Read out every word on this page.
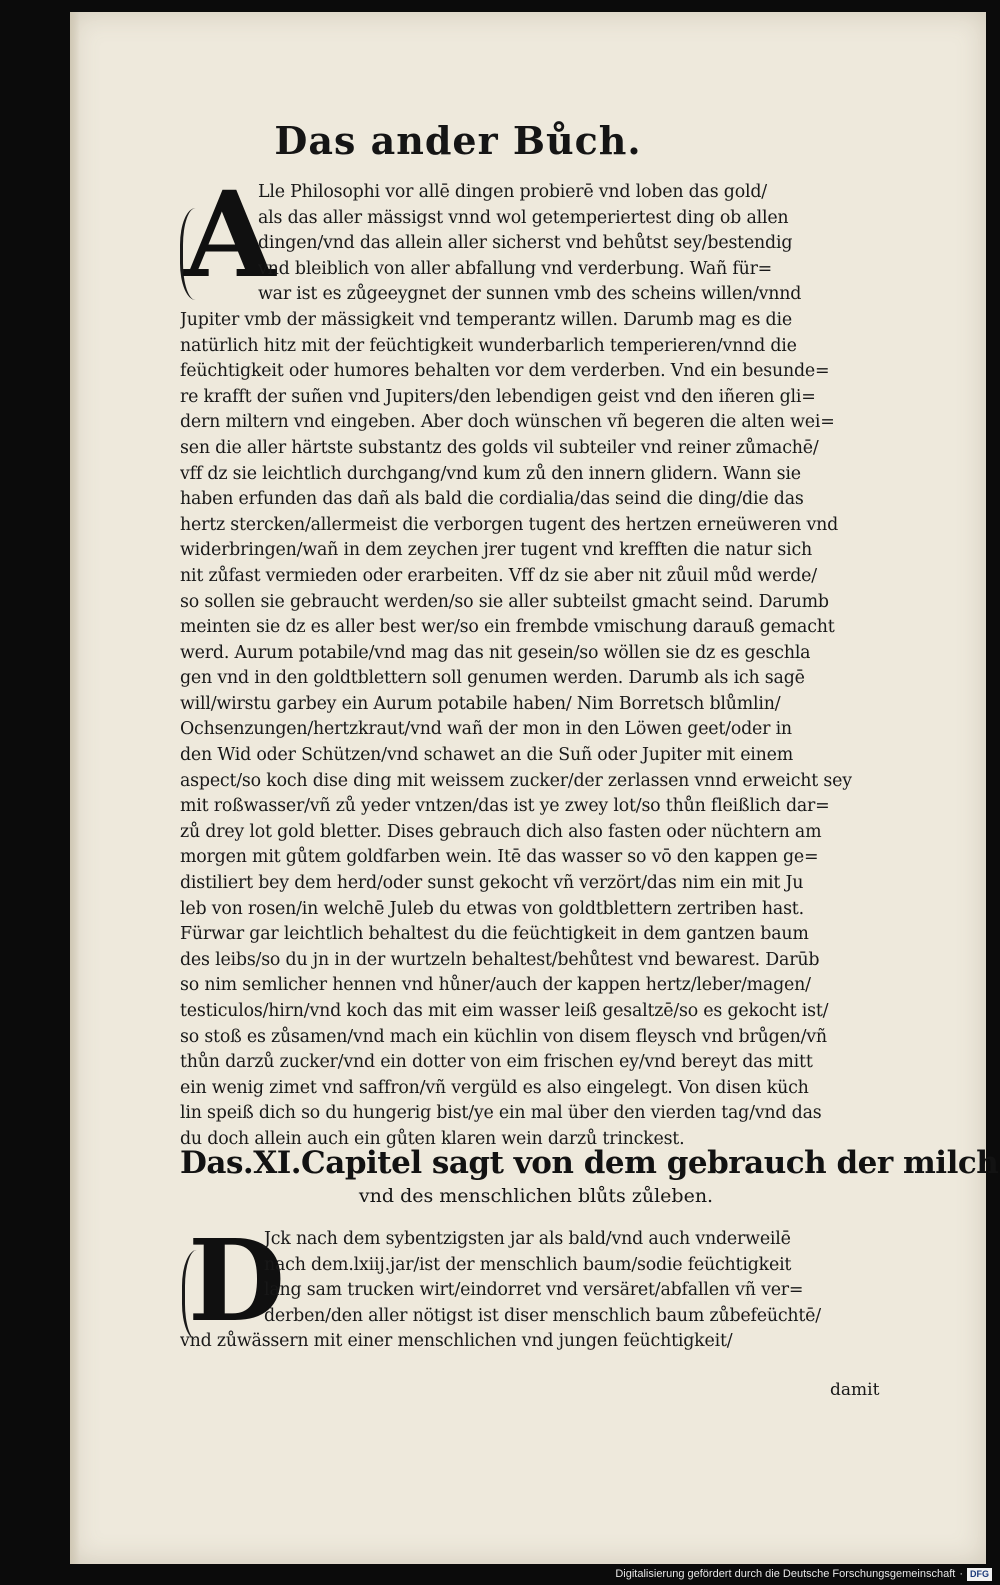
Das ander Bůch.
A
Lle Philosophi vor allē dingen probierē vnd loben das gold/
als das aller mässigst vnnd wol getemperiertest ding ob allen
dingen/vnd das allein aller sicherst vnd behůtst sey/bestendig
vnd bleiblich von aller abfallung vnd verderbung. Wañ für=
war ist es zůgeeygnet der sunnen vmb des scheins willen/vnnd
Jupiter vmb der mässigkeit vnd temperantz willen. Darumb mag es die
natürlich hitz mit der feüchtigkeit wunderbarlich temperieren/vnnd die
feüchtigkeit oder humores behalten vor dem verderben. Vnd ein besunde=
re krafft der suñen vnd Jupiters/den lebendigen geist vnd den iñeren gli=
dern miltern vnd eingeben. Aber doch wünschen vñ begeren die alten wei=
sen die aller härtste substantz des golds vil subteiler vnd reiner zůmachē/
vff dz sie leichtlich durchgang/vnd kum zů den innern glidern. Wann sie
haben erfunden das dañ als bald die cordialia/das seind die ding/die das
hertz stercken/allermeist die verborgen tugent des hertzen erneüweren vnd
widerbringen/wañ in dem zeychen jrer tugent vnd krefften die natur sich
nit zůfast vermieden oder erarbeiten. Vff dz sie aber nit zůuil můd werde/
so sollen sie gebraucht werden/so sie aller subteilst gmacht seind. Darumb
meinten sie dz es aller best wer/so ein frembde vmischung darauß gemacht
werd. Aurum potabile/vnd mag das nit gesein/so wöllen sie dz es geschla
gen vnd in den goldtblettern soll genumen werden. Darumb als ich sagē
will/wirstu garbey ein Aurum potabile haben/ Nim Borretsch blůmlin/
Ochsenzungen/hertzkraut/vnd wañ der mon in den Löwen geet/oder in
den Wid oder Schützen/vnd schawet an die Suñ oder Jupiter mit einem
aspect/so koch dise ding mit weissem zucker/der zerlassen vnnd erweicht sey
mit roßwasser/vñ zů yeder vntzen/das ist ye zwey lot/so thůn fleißlich dar=
zů drey lot gold bletter. Dises gebrauch dich also fasten oder nüchtern am
morgen mit gůtem goldfarben wein. Itē das wasser so vō den kappen ge=
distiliert bey dem herd/oder sunst gekocht vñ verzört/das nim ein mit Ju
leb von rosen/in welchē Juleb du etwas von goldtblettern zertriben hast.
Fürwar gar leichtlich behaltest du die feüchtigkeit in dem gantzen baum
des leibs/so du jn in der wurtzeln behaltest/behůtest vnd bewarest. Darūb
so nim semlicher hennen vnd hůner/auch der kappen hertz/leber/magen/
testiculos/hirn/vnd koch das mit eim wasser leiß gesaltzē/so es gekocht ist/
so stoß es zůsamen/vnd mach ein küchlin von disem fleysch vnd brůgen/vñ
thůn darzů zucker/vnd ein dotter von eim frischen ey/vnd bereyt das mitt
ein wenig zimet vnd saffron/vñ vergüld es also eingelegt. Von disen küch
lin speiß dich so du hungerig bist/ye ein mal über den vierden tag/vnd das
du doch allein auch ein gůten klaren wein darzů trinckest.
Das.XI.Capitel sagt von dem gebrauch der milch
vnd des menschlichen blůts zůleben.
D
Jck nach dem sybentzigsten jar als bald/vnd auch vnderweilē
nach dem.lxiij.jar/ist der menschlich baum/sodie feüchtigkeit
lang sam trucken wirt/eindorret vnd versäret/abfallen vñ ver=
derben/den aller nötigst ist diser menschlich baum zůbefeüchtē/
vnd zůwässern mit einer menschlichen vnd jungen feüchtigkeit/
damit
Digitalisierung gefördert durch die Deutsche Forschungsgemeinschaft · DFG
